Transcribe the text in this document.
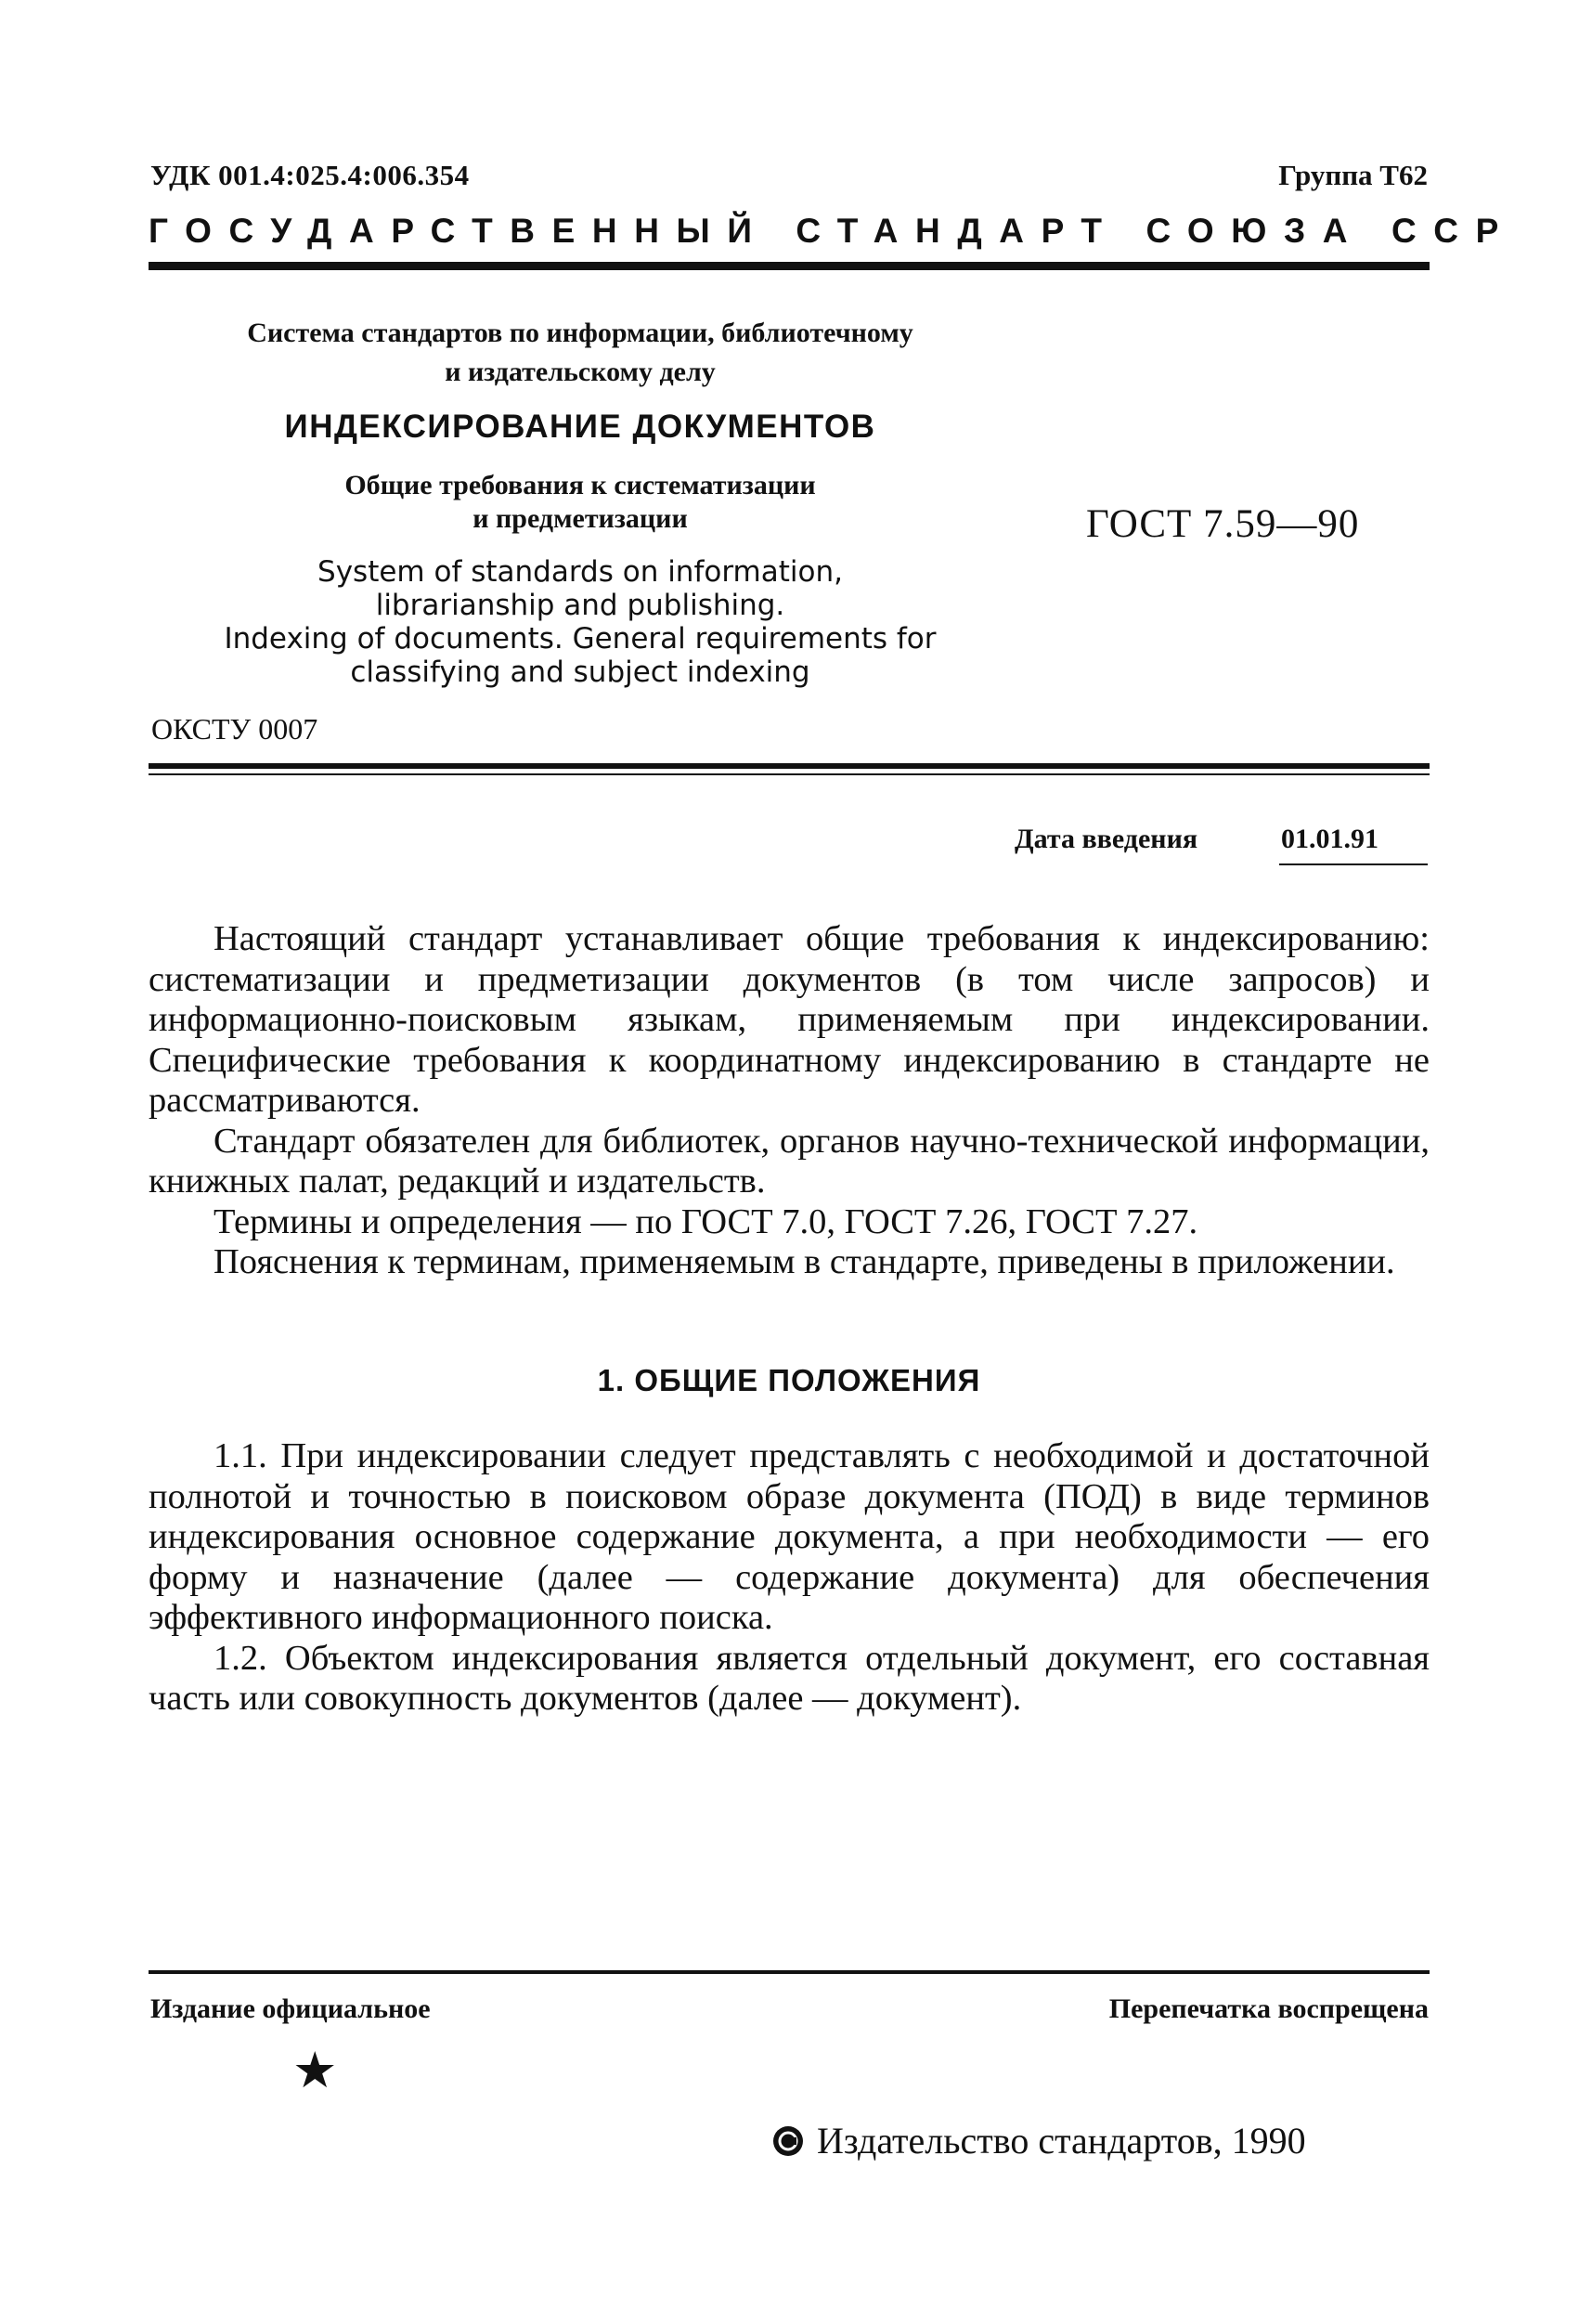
УДК 001.4:025.4:006.354	Группа Т62
ГОСУДАРСТВЕННЫЙ СТАНДАРТ СОЮЗА ССР
Система стандартов по информации, библиотечному
и издательскому делу
ИНДЕКСИРОВАНИЕ ДОКУМЕНТОВ
Общие требования к систематизации
и предметизации
System of standards on information,
librarianship and publishing.
Indexing of documents. General requirements for
classifying and subject indexing
ГОСТ 7.59—90
ОКСТУ 0007
Дата введения	01.01.91

Настоящий стандарт устанавливает общие требования к индексированию: систематизации и предметизации документов (в том числе запросов) и информационно-поисковым языкам, применяемым при индексировании. Специфические требования к координатному индексированию в стандарте не рассматриваются.

Стандарт обязателен для библиотек, органов научно-технической информации, книжных палат, редакций и издательств.

Термины и определения — по ГОСТ 7.0, ГОСТ 7.26, ГОСТ 7.27.

Пояснения к терминам, применяемым в стандарте, приведены в приложении.

1. ОБЩИЕ ПОЛОЖЕНИЯ

1.1. При индексировании следует представлять с необходимой и достаточной полнотой и точностью в поисковом образе документа (ПОД) в виде терминов индексирования основное содержание документа, а при необходимости — его форму и назначение (далее — содержание документа) для обеспечения эффективного информационного поиска.

1.2. Объектом индексирования является отдельный документ, его составная часть или совокупность документов (далее — документ).

Издание официальное	Перепечатка воспрещена
★
Издательство стандартов, 1990
